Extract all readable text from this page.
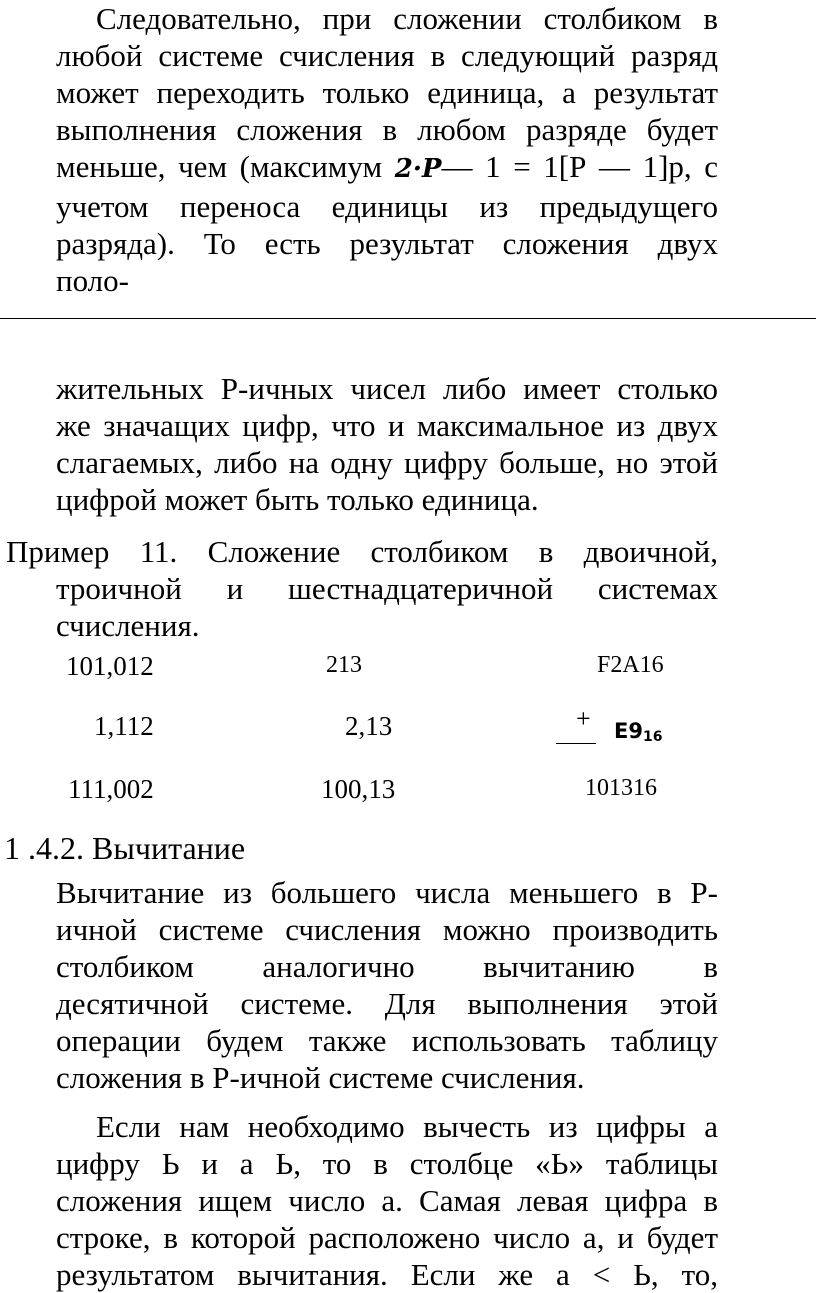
Следовательно, при сложении столбиком в
любой системе счисления в следующий разряд
может переходить только единица, а результат
выполнения сложения в любом разряде будет
меньше, чем (максимум 2·P— 1 = 1[Р — 1]р, с
учетом переноса единицы из предыдущего
разряда). То есть результат сложения двух
поло-
жительных Р-ичных чисел либо имеет столько
же значащих цифр, что и максимальное из двух
слагаемых, либо на одну цифру больше, но этой
цифрой может быть только единица.
Пример 11. Сложение столбиком в двоичной,
троичной и шестнадцатеричной системах
счисления.
101,012
1,112
111,002
213
2,13
100,13
F2A16
+ $E9_{16}$
101316
1 .4.2. Вычитание
Вычитание из большего числа меньшего в Р-
ичной системе счисления можно производить
столбиком аналогично вычитанию в
десятичной системе. Для выполнения этой
операции будем также использовать таблицу
сложения в Р-ичной системе счисления.
Если нам необходимо вычесть из цифры а
цифру Ь и а Ь, то в столбце «Ь» таблицы
сложения ищем число а. Самая левая цифра в
строке, в которой расположено число а, и будет
результатом вычитания. Если же а < Ь, то,
